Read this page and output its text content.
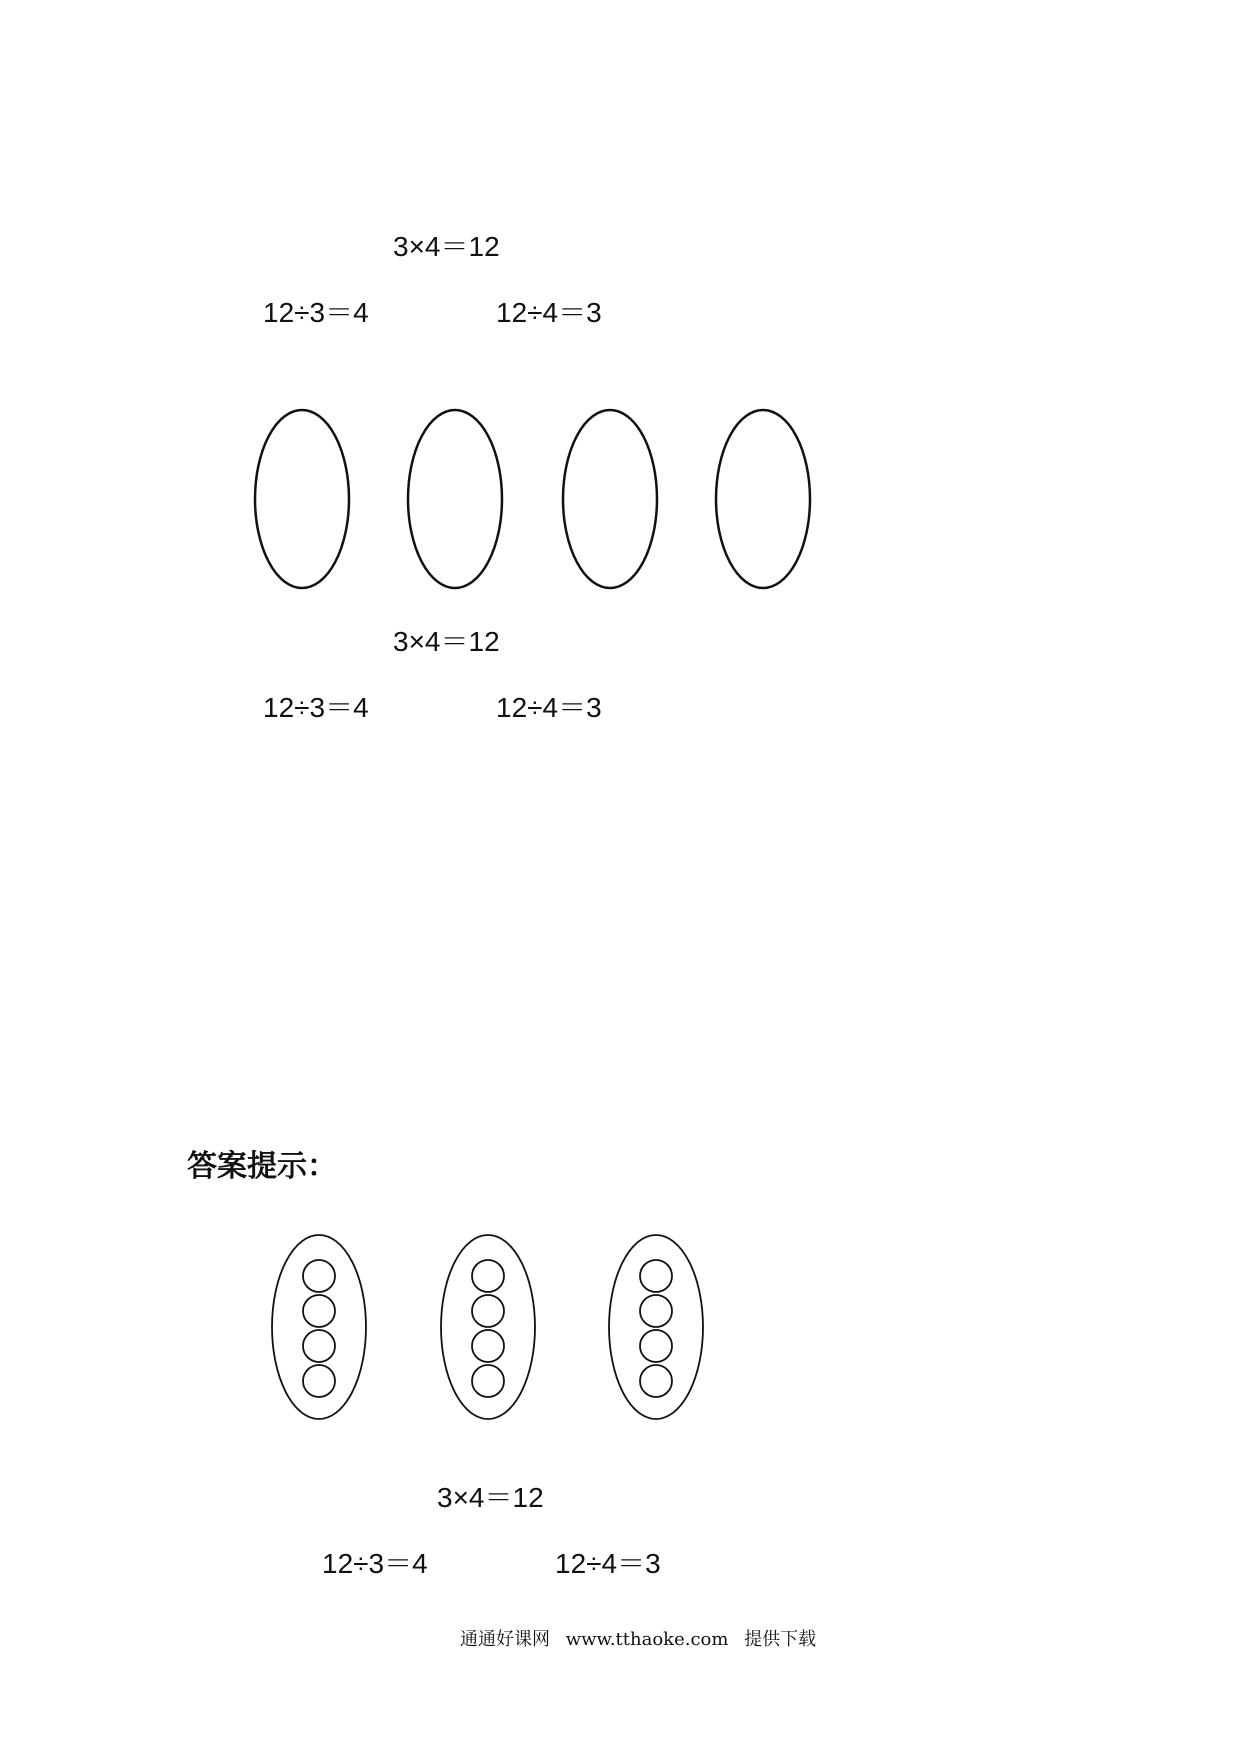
3×4＝12
12÷3＝4	12÷4＝3
3×4＝12
12÷3＝4	12÷4＝3
答案提示：
3×4＝12
12÷3＝4	12÷4＝3
通通好课网 www.tthaoke.com 提供下载
